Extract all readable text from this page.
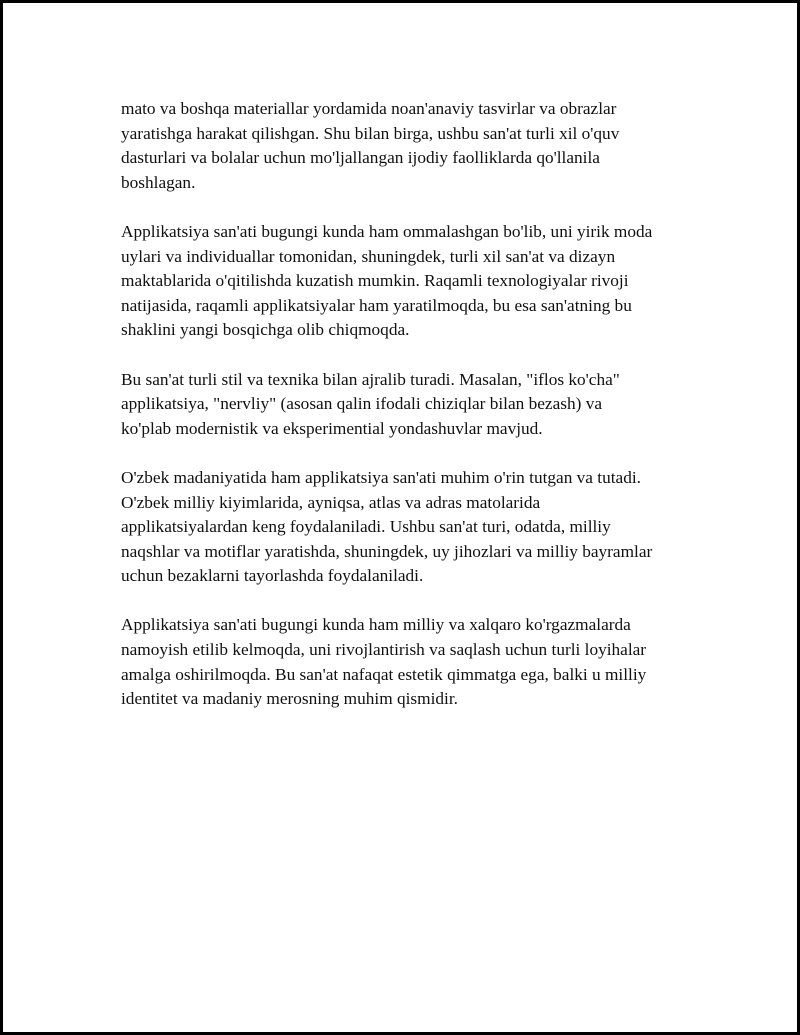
mato va boshqa materiallar yordamida noan'anaviy tasvirlar va obrazlar
yaratishga harakat qilishgan. Shu bilan birga, ushbu san'at turli xil o'quv
dasturlari va bolalar uchun mo'ljallangan ijodiy faolliklarda qo'llanila
boshlagan.

Applikatsiya san'ati bugungi kunda ham ommalashgan bo'lib, uni yirik moda
uylari va individuallar tomonidan, shuningdek, turli xil san'at va dizayn
maktablarida o'qitilishda kuzatish mumkin. Raqamli texnologiyalar rivoji
natijasida, raqamli applikatsiyalar ham yaratilmoqda, bu esa san'atning bu
shaklini yangi bosqichga olib chiqmoqda.

Bu san'at turli stil va texnika bilan ajralib turadi. Masalan, "iflos ko'cha"
applikatsiya, "nervliy" (asosan qalin ifodali chiziqlar bilan bezash) va
ko'plab modernistik va eksperimential yondashuvlar mavjud.

O'zbek madaniyatida ham applikatsiya san'ati muhim o'rin tutgan va tutadi.
O'zbek milliy kiyimlarida, ayniqsa, atlas va adras matolarida
applikatsiyalardan keng foydalaniladi. Ushbu san'at turi, odatda, milliy
naqshlar va motiflar yaratishda, shuningdek, uy jihozlari va milliy bayramlar
uchun bezaklarni tayorlashda foydalaniladi.

Applikatsiya san'ati bugungi kunda ham milliy va xalqaro ko'rgazmalarda
namoyish etilib kelmoqda, uni rivojlantirish va saqlash uchun turli loyihalar
amalga oshirilmoqda. Bu san'at nafaqat estetik qimmatga ega, balki u milliy
identitet va madaniy merosning muhim qismidir.
